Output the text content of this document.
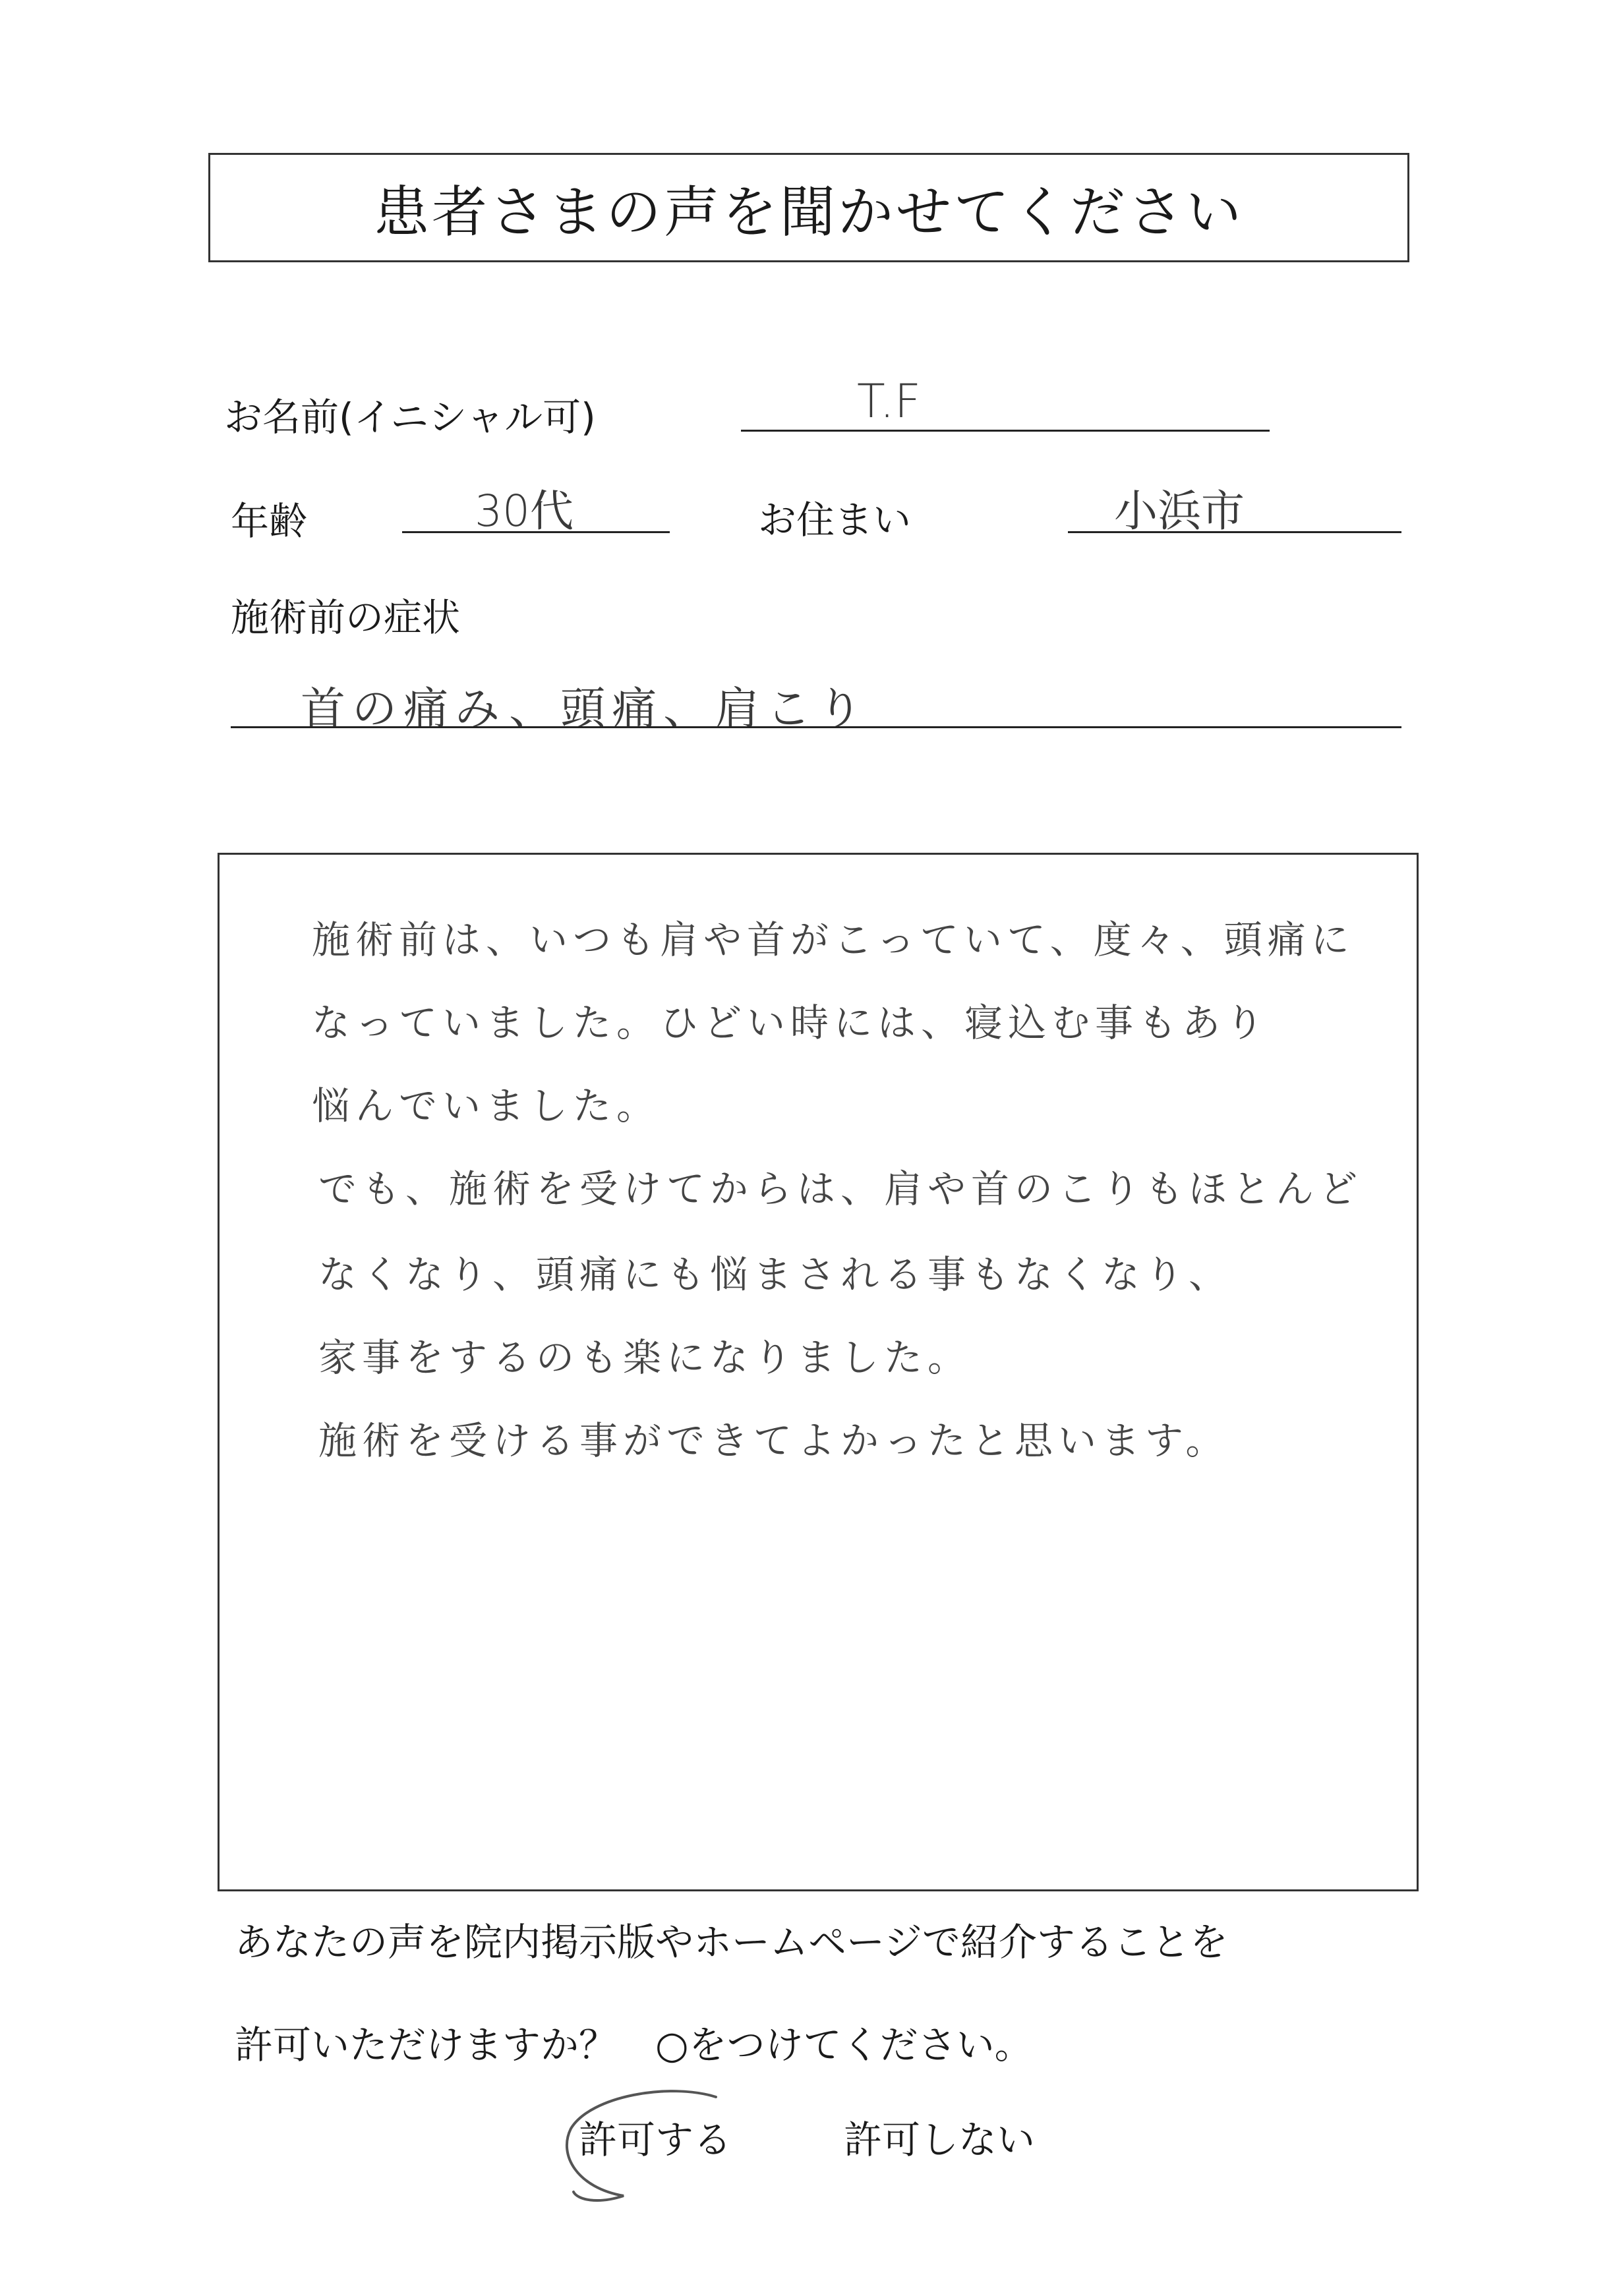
患者さまの声を聞かせてください
お名前(イニシャル可)	T.F
年齢	30代	お住まい	小浜市
施術前の症状
首の痛み、頭痛、肩こり
施術前は、いつも肩や首がこっていて、度々、頭痛に
なっていました。ひどい時には、寝込む事もあり
悩んでいました。
でも、施術を受けてからは、肩や首のこりもほとんど
なくなり、頭痛にも悩まされる事もなくなり、
家事をするのも楽になりました。
施術を受ける事ができてよかったと思います。
あなたの声を院内掲示版やホームページで紹介することを
許可いただけますか？　○をつけてください。
許可する	許可しない
